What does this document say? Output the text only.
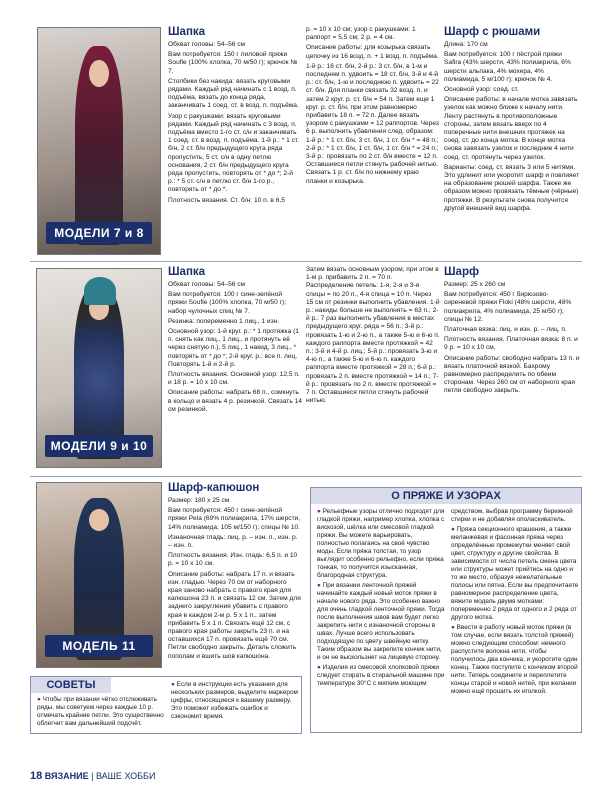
МОДЕЛИ 7 и 8
МОДЕЛИ 9 и 10
МОДЕЛЬ 11
Шапка
Обхват головы: 54–56 см
Вам потребуется: 150 г лиловой пряжи Soufle (100% хлопка, 70 м/50 г); крючок № 7.
Столбики без накида: вязать круговыми рядами. Каждый ряд начинать с 1 возд. п. подъёма, вязать до конца ряда, заканчивать 1 соед. ст. в возд. п. подъёма.
Узор с ракушками: вязать круговыми рядами. Каждый ряд начинать с 3 возд. п. подъёма вместо 1-го ст. с/н и заканчивать 1 соед. ст. в возд. п. подъёма. 1-й р.: * 1 ст. б/н, 2 ст. б/н предыдущего круга ряда пропустить, 5 ст. с/н в одну петлю основания, 2 ст. б/н предыдущего круга ряда пропустить, повторять от * до *; 2-й р.: * 5 ст. с/н в петлю ст. б/н 1-го р., повторять от * до *.
Плотность вязания. Ст. б/н: 10 п. в 6,5
р. = 10 х 10 см; узор с ракушками: 1 раппорт = 5,5 см; 2 р. = 4 см.
Описание работы: для козырька связать цепочку из 16 возд. п. + 1 возд. п. подъёма.
1-й р.: 16 ст. б/н, 2-й р.: 3 ст. б/н, в 1-м и последнем п. удвоить = 18 ст. б/н, 3-й и 4-й р.: ст. б/н, 1-ю и последнюю п. удвоить = 22 ст. б/н. Для планки связать 32 возд. п. и затем 2 круг. р. ст. б/н = 54 п. Затем еще 1 круг. р. ст. б/н, при этом равномерно прибавить 18 п. = 72 п. Далее вязать узором с ракушками = 12 раппортов. Через 6 р. выполнить убавления след. образом: 1-й р.: * 1 ст. б/н, 3 ст. б/н, 1 ст. б/н * = 48 п.; 2-й р.: * 1 ст. б/н, 1 ст. б/н, 1 ст. б/н * = 24 п.; 3-й р.: провязать по 2 ст. б/н вместе = 12 п. Оставшиеся петли стянуть рабочей нитью. Связать 1 р. ст. б/н по нижнему краю планки и козырька.
Шарф с рюшами
Длина: 170 см
Вам потребуется: 100 г пёстрой пряжи Safira (43% шерсти, 43% полиакрила, 6% шерсти альпака, 4% мохера, 4% полиамида, 5 м/100 г); крючок № 4.
Основной узор: соед. ст.
Описание работы: в начале мотка завязать узелок как можно ближе к началу нити. Ленту растянуть в противоположные стороны, затем вязать вверх по 4 поперечные нити внешних протяжек на соед. ст. до конца мотка. В конце мотка снова завязать узелок и последние 4 нити соед. ст. протянуть через узелок.
Варианты: соед. ст. вязать 3 или 5 нитями. Это удлинит или укоротит шарф и повлияет на образование рюшей шарфа. Также же образом можно провязать тёмные (чёрные) протяжки. В результате снова получится другой внешний вид шарфа.
Шапка
Обхват головы: 54–56 см
Вам потребуется: 100 г сине-зелёной пряжи Soufle (100% хлопка, 70 м/50 г); набор чулочных спиц № 7.
Резинка: попеременно 1 лиц., 1 изн.
Основной узор: 1-й круг. р.: * 1 протяжка (1 п. снять как лиц., 1 лиц., и протянуть её через снятую п.), 5 лиц., 1 накид, 3 лиц., * повторять от * до *; 2-й круг. р.: все п. лиц. Повторять 1-й и 2-й р.
Плотность вязания. Основной узор: 12,5 п. и 18 р. = 10 х 10 см.
Описание работы: набрать 68 п., сомкнуть в кольцо и вязать 4 р. резинкой. Связать 14 см резинкой.
Затем вязать основным узором, при этом в 1-м р. прибавить 2 п. = 70 п. Распределение петель: 1-я, 2-я и 3-я спицы = по 20 п., 4-я спица = 10 п. Через 15 см от резинки выполнить убавления. 1-й р.: накиды больше не выполнять = 63 п.; 2-й р.: 7 раз выполнить убавления в местах предыдущего круг. ряда = 56 п.; 3-й р.: провязать 1-ю и 2-ю п., а также 5-ю и 6-ю п. каждого раппорта вместе протяжкой = 42 п.; 3-й и 4-й р. лиц.; 5-й р.: провязать 3-ю и 4-ю п., а также 5-ю и 6-ю п. каждого раппорта вместе протяжкой = 28 п.; 6-й р.: провязать 2 п. вместе протяжкой = 14 п.; 7-й р.: провязать по 2 п. вместе протяжкой = 7 п. Оставшиеся петли стянуть рабочей нитью.
Шарф
Размер: 25 х 260 см
Вам потребуется: 450 г бирюзово-сиреневой пряжи Floki (48% шерсти, 48% полиакрила, 4% полиамида, 25 м/50 г); спицы № 12.
Платочная вязка: лиц. и изн. р. – лиц. п.
Плотность вязания. Платочная вязка: 8 п. и 9 р. = 10 х 10 см.
Описание работы: свободно набрать 13 п. и вязать платочной вязкой. Бахрому равномерно распределить по обеим сторонам. Через 260 см от наборного края петли свободно закрыть.
Шарф-капюшон
Размер: 180 х 25 см
Вам потребуется: 450 г сине-зелёной пряжи Pela (69% полиакрила, 17% шерсти, 14% полиамида, 105 м/150 г); спицы № 10.
Изнаночная гладь: лиц. р. – изн. п., изн. р. – изн. п.
Плотность вязания. Изн. гладь: 6,5 п. и 10 р. = 10 х 10 см.
Описание работы: набрать 17 п. и вязать изн. гладью. Через 70 см от наборного края заново набрать с правого края для капюшона 23 п. и связать 12 см. Затем для заднего закругления убавить с правого края в каждом 2-м р. 5 х 1 п., затем прибавить 5 х 1 п. Связать ещё 12 см, с правого края работы закрыть 23 п. и на оставшихся 17 п. провязать ещё 70 см. Петли свободно закрыть. Деталь сложить пополам и вшить шов капюшона.
О ПРЯЖЕ И УЗОРАХ
● Рельефные узоры отлично подходят для гладкой пряжи, например хлопка, хлопка с вискозой, шёлка или смесовой гладкой пряжи. Вы можете варьировать, полностью полагаясь на своё чувство моды. Если пряжа толстая, то узор выглядит особенно рельефно, если пряжа тонкая, то получится изысканная, благородная структура.
● При вязании ленточной пряжей начинайте каждый новый моток пряжи в начале нового ряда. Это особенно важно для очень гладкой ленточной пряжи. Тогда после выполнения швов вам будет легко закрепить нити с изнаночной стороны в швах. Лучше всего использовать подходящую по цвету швейную нитку. Таким образом вы закрепите кончик нити, и он не выскользнет на лицевую сторону.
● Изделия из смесовой хлопковой пряжи следует стирать в стиральной машине при температуре 30°С с мягким моющим
средством, выбрав программу бережной стирки и не добавляя ополаскиватель.
● Пряжа секционного крашения, а также меланжевая и фасонная пряжа через определённые промежутки меняет свой цвет, структуру и другие свойства. В зависимости от числа петель смена цвета или структуры может прийтись на одно и то же место, образуя нежелательные полосы или пятна. Если вы предпочитаете равномерное распределение цвета, вяжите модель двумя мотками: попеременно 2 ряда от одного и 2 ряда от другого мотка.
● Ввести в работу новый моток пряжи (в том случае, если вязать толстой пряжей) можно следующим способом: немного распустите волокна нити, чтобы получилось два кончика, и укоротите один конец. Также поступите с кончиком второй нити. Теперь соедините и переплетите концы старой и новой нитей, при желании можно ещё прошить их иголкой.
СОВЕТЫ
● Чтобы при вязании чётко отслеживать ряды, мы советуем через каждые 10 р. отмечать крайние петли. Это существенно облегчит вам дальнейший подсчёт.
● Если в инструкции есть указания для нескольких размеров, выделите маркером цифры, относящиеся к вашему размеру. Это поможет избежать ошибок и сэкономит время.
18 ВЯЗАНИЕ | ВАШЕ ХОББИ
